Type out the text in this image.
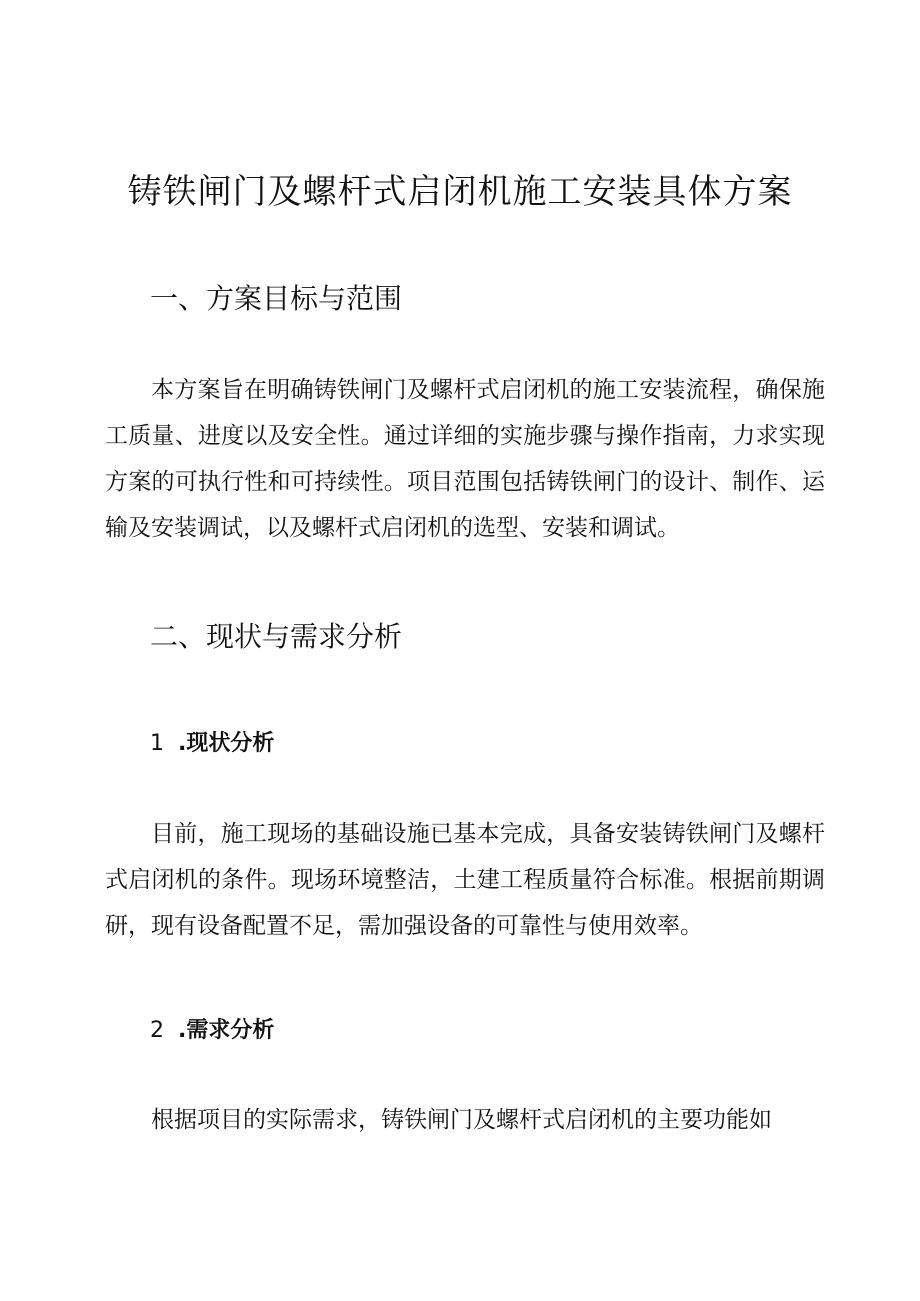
铸铁闸门及螺杆式启闭机施工安装具体方案
一、方案目标与范围

本方案旨在明确铸铁闸门及螺杆式启闭机的施工安装流程，确保施工质量、进度以及安全性。通过详细的实施步骤与操作指南，力求实现方案的可执行性和可持续性。项目范围包括铸铁闸门的设计、制作、运输及安装调试，以及螺杆式启闭机的选型、安装和调试。

二、现状与需求分析
1 .现状分析

目前，施工现场的基础设施已基本完成，具备安装铸铁闸门及螺杆式启闭机的条件。现场环境整洁，土建工程质量符合标准。根据前期调研，现有设备配置不足，需加强设备的可靠性与使用效率。

2 .需求分析

根据项目的实际需求，铸铁闸门及螺杆式启闭机的主要功能如
